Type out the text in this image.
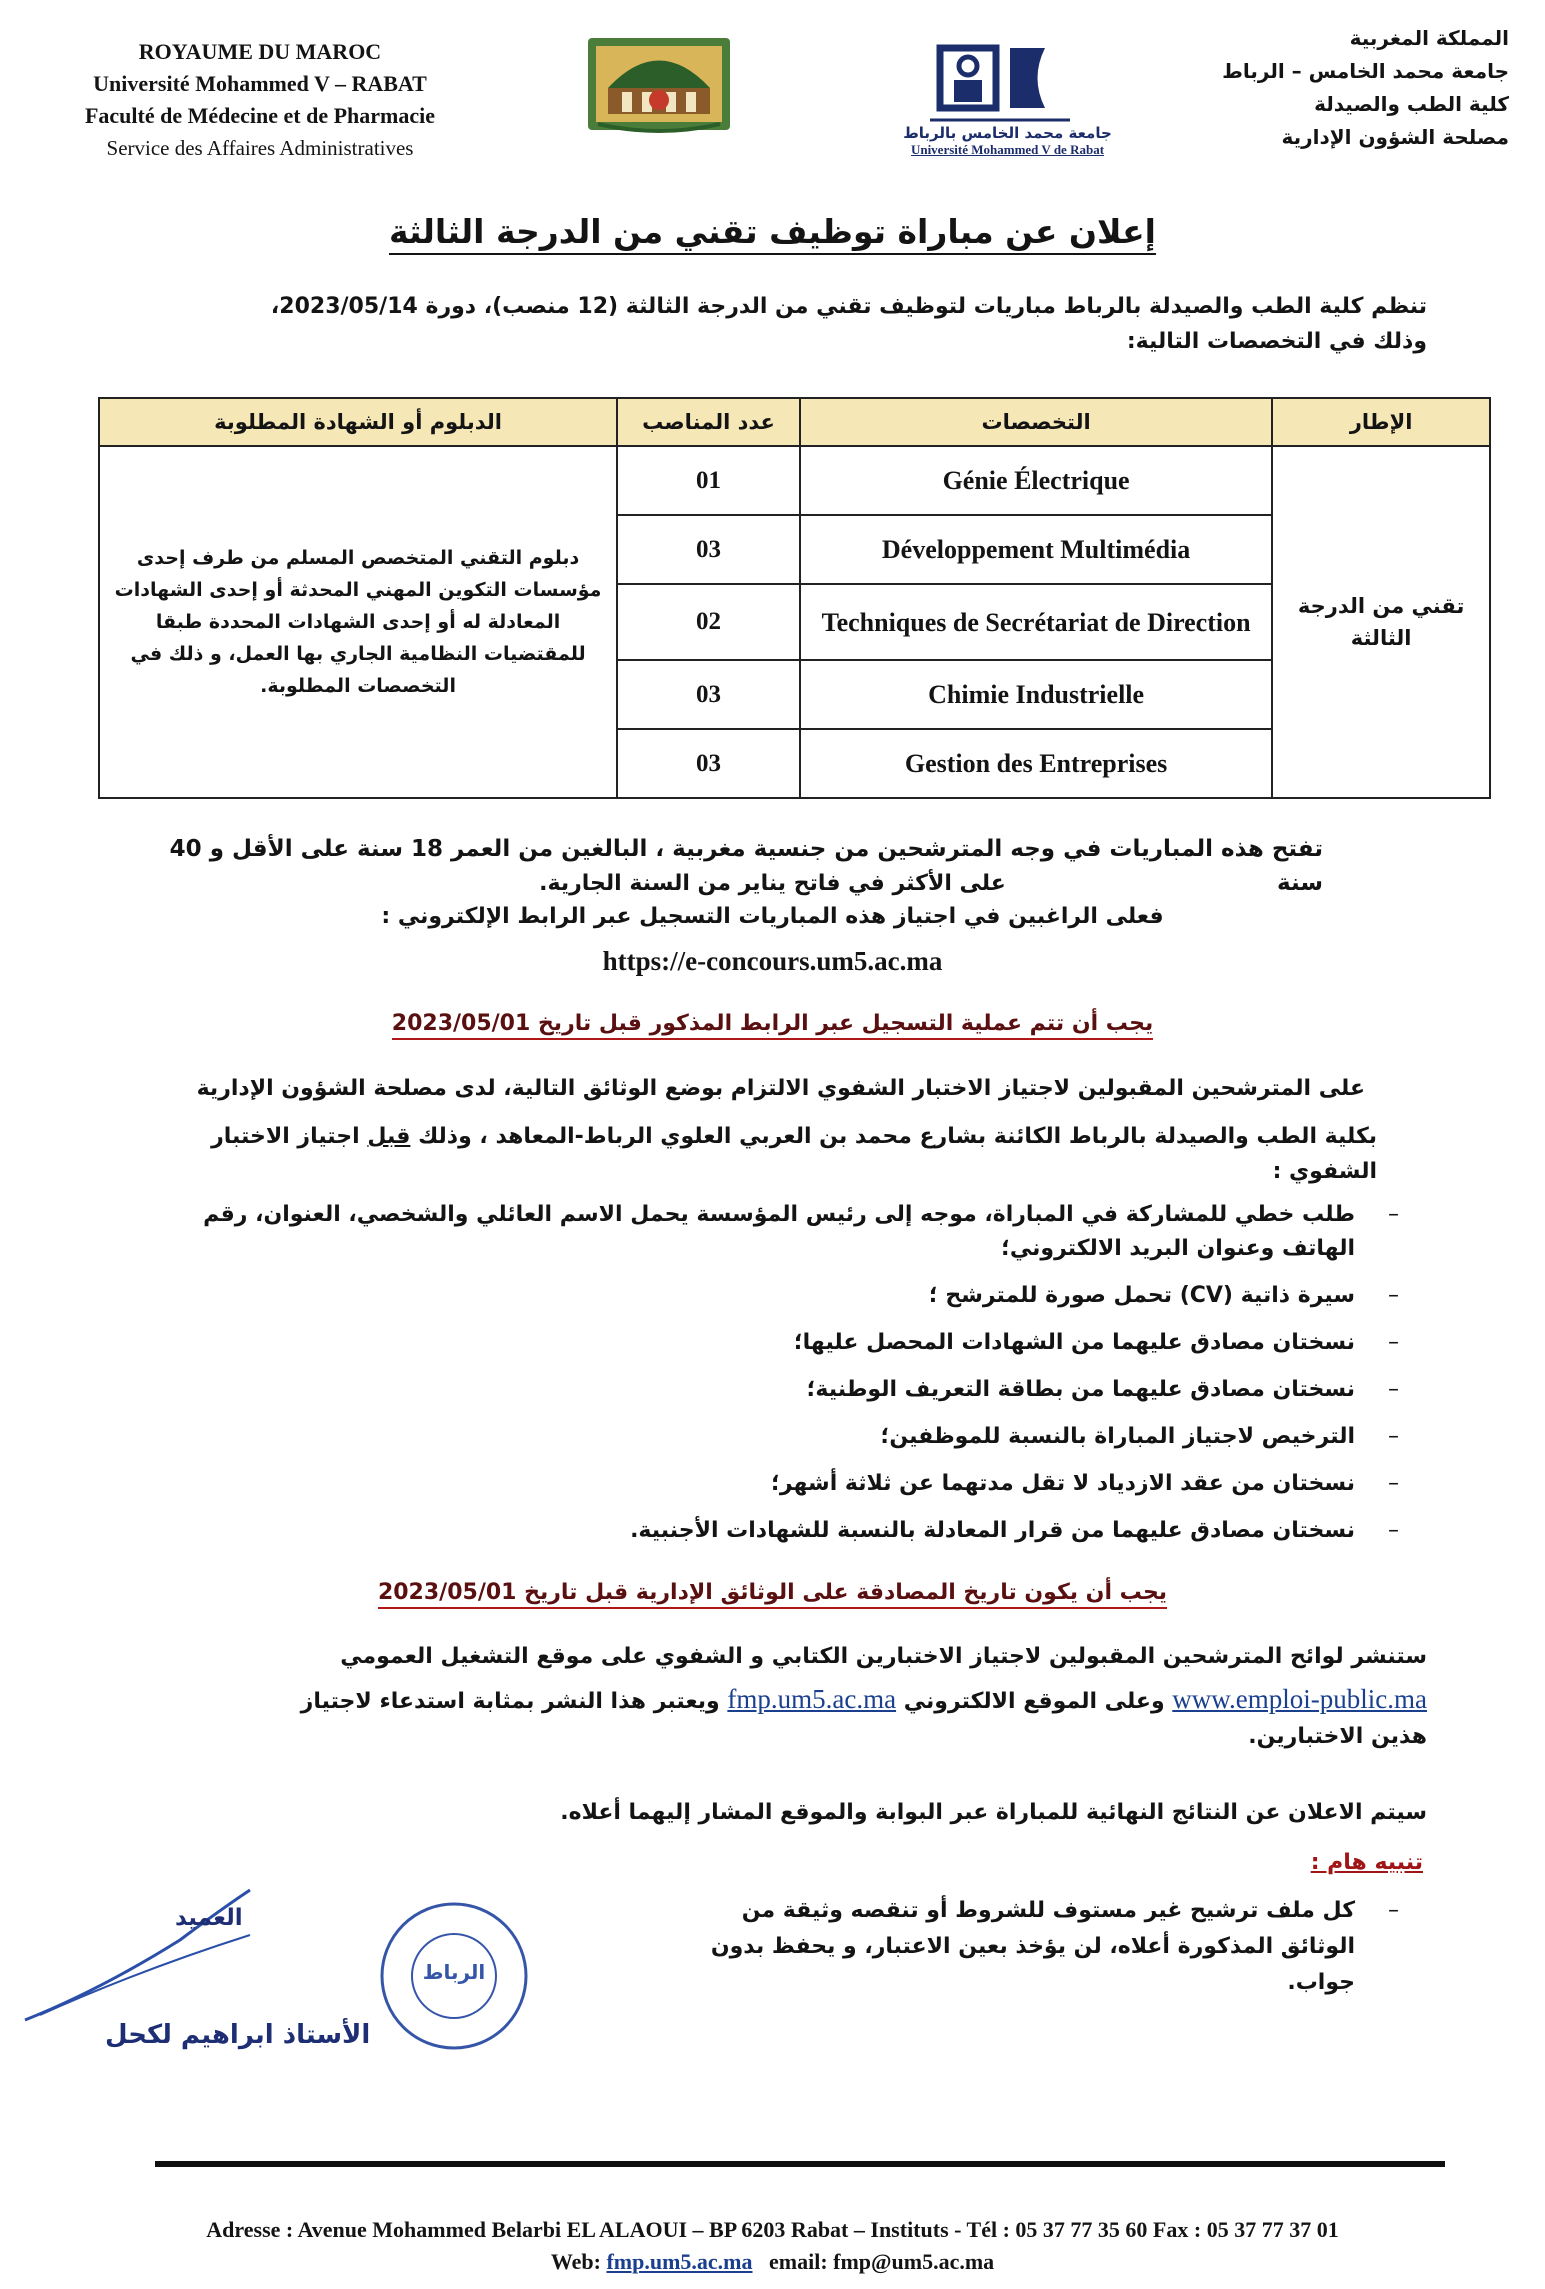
ROYAUME DU MAROC
Université Mohammed V – RABAT
Faculté de Médecine et de Pharmacie
Service des Affaires Administratives
جامعة محمد الخامس بالرباط
Université Mohammed V de Rabat
المملكة المغربية
جامعة محمد الخامس – الرباط
كلية الطب والصيدلة
مصلحة الشؤون الإدارية
إعلان عن مباراة توظيف تقني من الدرجة الثالثة
تنظم كلية الطب والصيدلة بالرباط مباريات لتوظيف تقني من الدرجة الثالثة (12 منصب)، دورة 2023/05/14،
وذلك في التخصصات التالية:
الدبلوم أو الشهادة المطلوبة	عدد المناصب	التخصصات	الإطار
دبلوم التقني المتخصص المسلم من طرف إحدى مؤسسات التكوين المهني المحدثة أو إحدى الشهادات المعادلة له أو إحدى الشهادات المحددة طبقا للمقتضيات النظامية الجاري بها العمل، و ذلك في التخصصات المطلوبة.	01	Génie Électrique	تقني من الدرجة الثالثة
	03	Développement Multimédia	
	02	Techniques de Secrétariat de Direction	
	03	Chimie Industrielle	
	03	Gestion des Entreprises	
تفتح هذه المباريات في وجه المترشحين من جنسية مغربية ، البالغين من العمر 18 سنة على الأقل و 40 سنة
على الأكثر في فاتح يناير من السنة الجارية.
فعلى الراغبين في اجتياز هذه المباريات التسجيل عبر الرابط الإلكتروني :
https://e-concours.um5.ac.ma
يجب أن تتم عملية التسجيل عبر الرابط المذكور قبل تاريخ 2023/05/01
على المترشحين المقبولين لاجتياز الاختبار الشفوي الالتزام بوضع الوثائق التالية، لدى مصلحة الشؤون الإدارية
بكلية الطب والصيدلة بالرباط الكائنة بشارع محمد بن العربي العلوي الرباط-المعاهد ، وذلك قبل اجتياز الاختبار
الشفوي :
–
طلب خطي للمشاركة في المباراة، موجه إلى رئيس المؤسسة يحمل الاسم العائلي والشخصي، العنوان، رقم الهاتف وعنوان البريد الالكتروني؛
–
سيرة ذاتية (CV) تحمل صورة للمترشح ؛
–
نسختان مصادق عليهما من الشهادات المحصل عليها؛
–
نسختان مصادق عليهما من بطاقة التعريف الوطنية؛
–
الترخيص لاجتياز المباراة بالنسبة للموظفين؛
–
نسختان من عقد الازدياد لا تقل مدتهما عن ثلاثة أشهر؛
–
نسختان مصادق عليهما من قرار المعادلة بالنسبة للشهادات الأجنبية.
يجب أن يكون تاريخ المصادقة على الوثائق الإدارية قبل تاريخ 2023/05/01
ستنشر لوائح المترشحين المقبولين لاجتياز الاختبارين الكتابي و الشفوي على موقع التشغيل العمومي
www.emploi-public.ma وعلى الموقع الالكتروني fmp.um5.ac.ma ويعتبر هذا النشر بمثابة استدعاء لاجتياز
هذين الاختبارين.
سيتم الاعلان عن النتائج النهائية للمباراة عبر البوابة والموقع المشار إليهما أعلاه.
تنبيه هام :
–
كل ملف ترشيح غير مستوف للشروط أو تنقصه وثيقة من الوثائق المذكورة أعلاه، لن يؤخذ بعين الاعتبار، و يحفظ بدون جواب.
العميد
الأستاذ ابراهيم لكحل
الرباط
Adresse : Avenue Mohammed Belarbi EL ALAOUI – BP 6203 Rabat – Instituts - Tél : 05 37 77 35 60 Fax : 05 37 77 37 01
Web: fmp.um5.ac.ma email: fmp@um5.ac.ma
